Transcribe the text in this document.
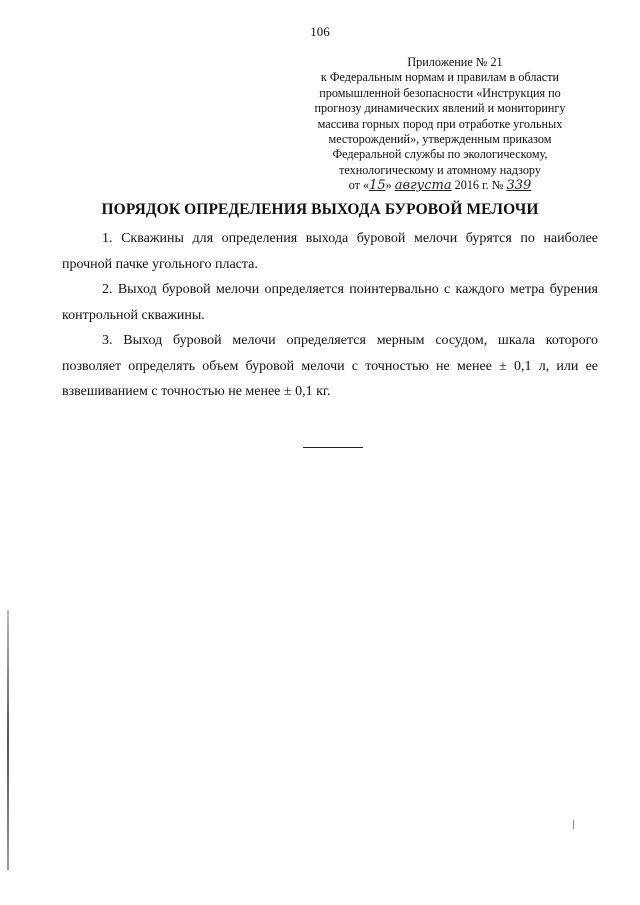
106
Приложение № 21
к Федеральным нормам и правилам в области
промышленной безопасности «Инструкция по
прогнозу динамических явлений и мониторингу
массива горных пород при отработке угольных
месторождений», утвержденным приказом
Федеральной службы по экологическому,
технологическому и атомному надзору
от «15» августа 2016 г. № 339
ПОРЯДОК ОПРЕДЕЛЕНИЯ ВЫХОДА БУРОВОЙ МЕЛОЧИ

1. Скважины для определения выхода буровой мелочи бурятся по наиболее прочной пачке угольного пласта.

2. Выход буровой мелочи определяется поинтервально с каждого метра бурения контрольной скважины.

3. Выход буровой мелочи определяется мерным сосудом, шкала которого позволяет определять объем буровой мелочи с точностью не менее ± 0,1 л, или ее взвешиванием с точностью не менее ± 0,1 кг.
